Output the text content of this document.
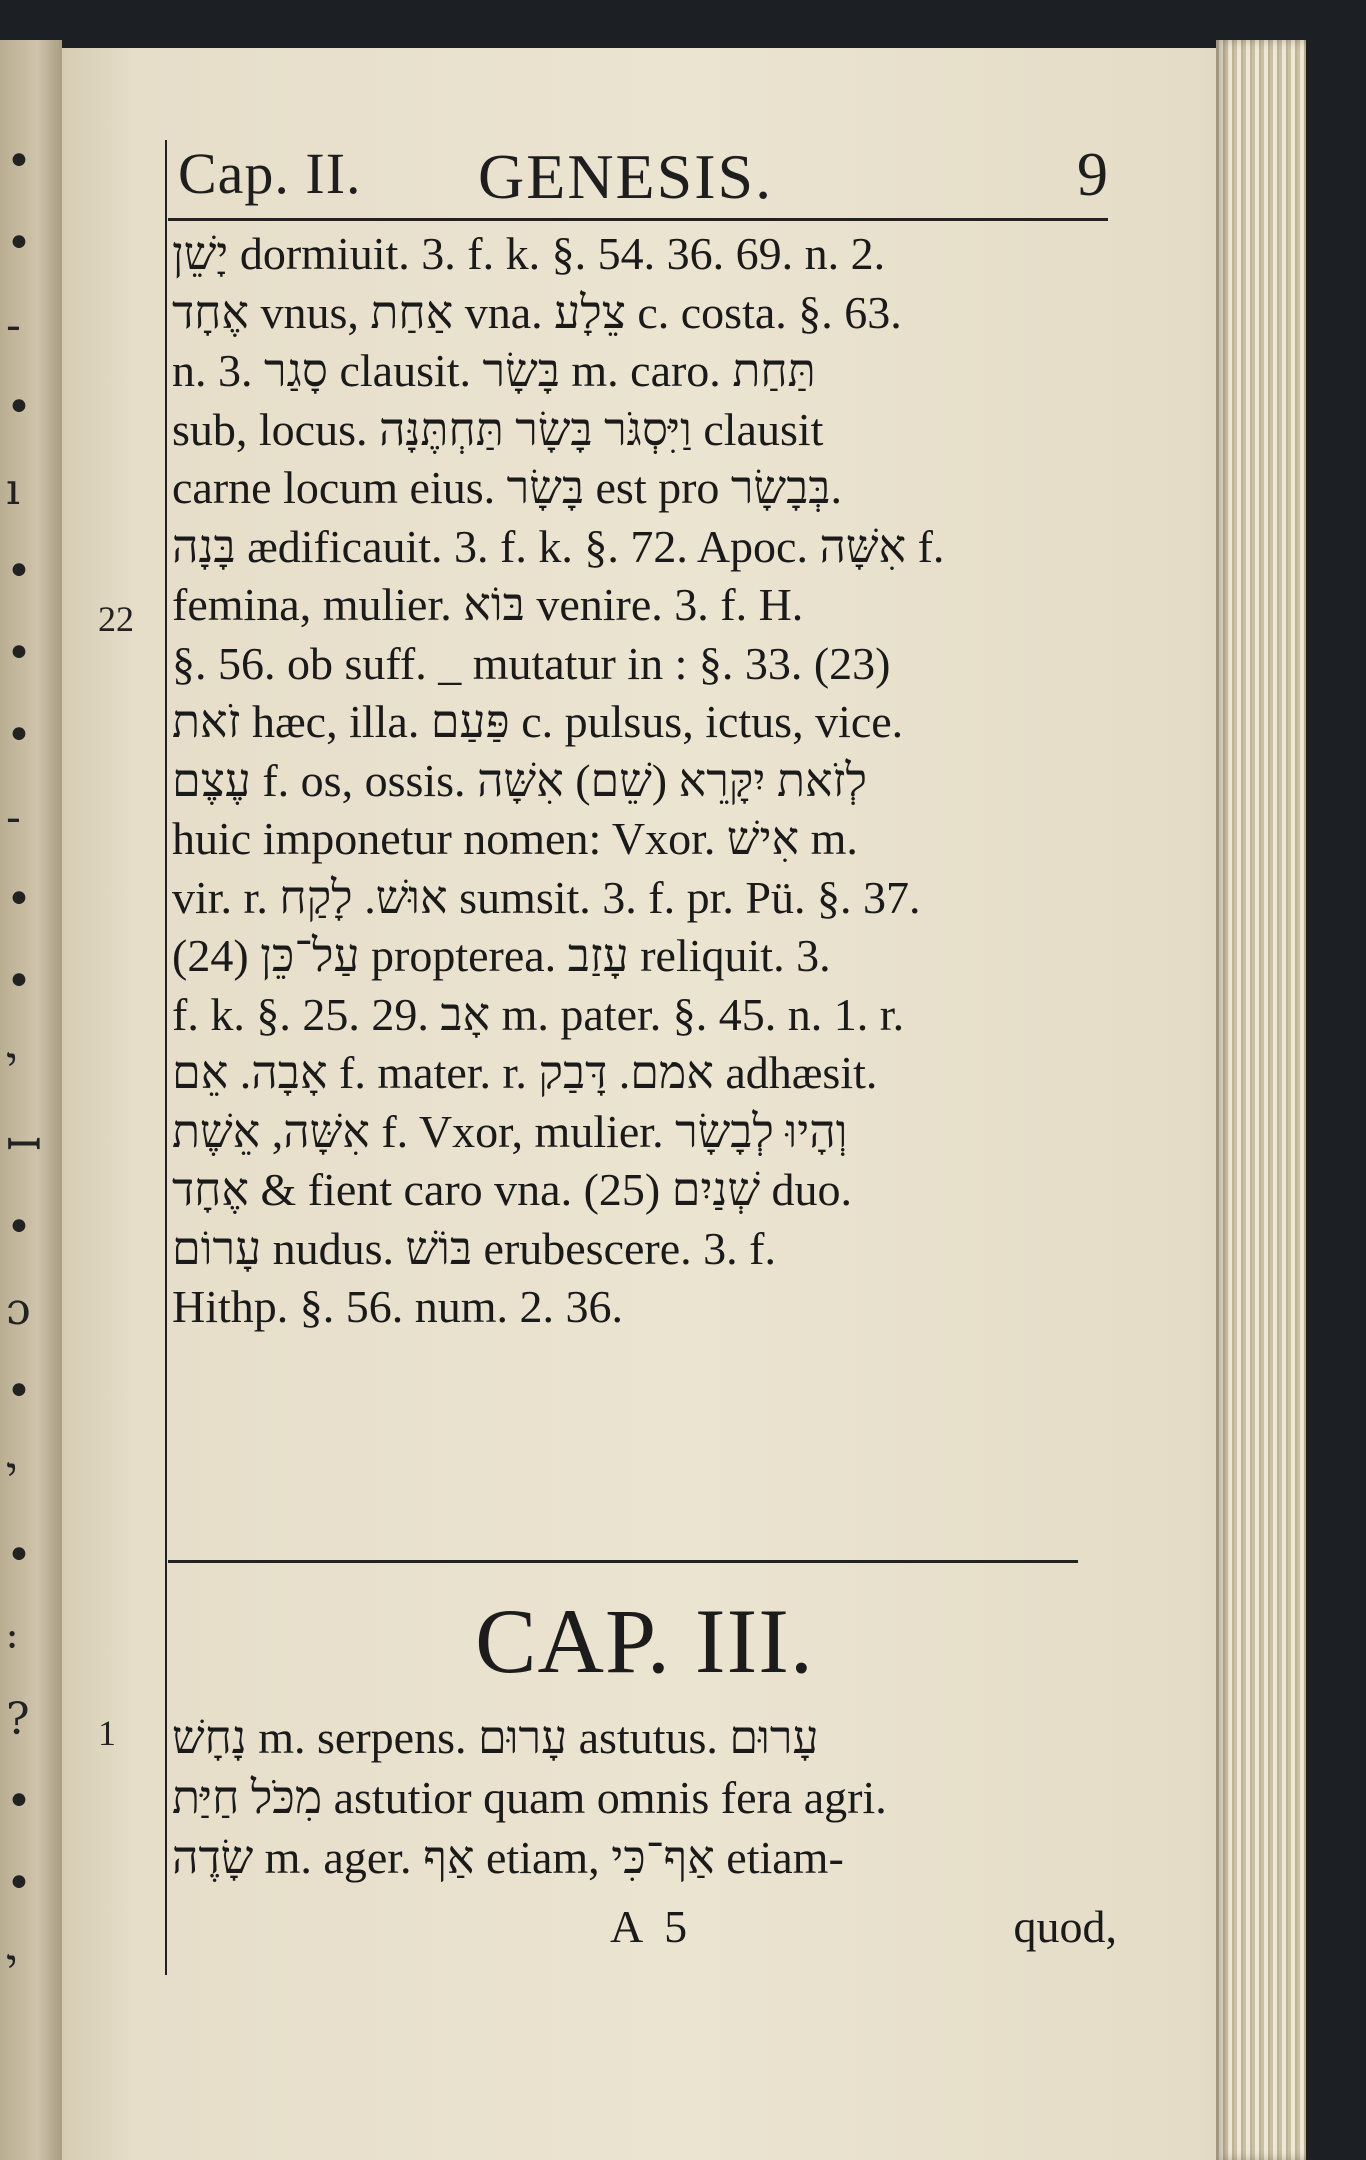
•
•
-
•
ı
•
•
•
-
•
•
י
ꟷ
•
ɔ
•
י
•
꞉
?
•
•
י
Cap. II. GENESIS.	9
22
יָשֵׁן dormiuit. 3. f. k. §. 54. 36. 69. n. 2.
אֶחָד vnus, אַחַת vna. צֵלָע c. costa. §. 63.
n. 3. סָגַר clausit. בָּשָׂר m. caro. תַּחַת
sub, locus. וַיִּסְגֹּר בָּשָׂר תַּחְתֶּנָּה clausit
carne locum eius. בָּשָׂר est pro בְּבָשָׂר.
בָּנָה ædificauit. 3. f. k. §. 72. Apoc. אִשָּׁה f.
femina, mulier. בּוֹא venire. 3. f. H.
§. 56. ob suff. _ mutatur in : §. 33. (23)
זֹאת hæc, illa. פַּעַם c. pulsus, ictus, vice.
עֶצֶם f. os, ossis. לְזֹאת יִקָּרֵא (שֵׁם) אִשָּׁה
huic imponetur nomen: Vxor. אִישׁ m.
vir. r. אוּשׁ. לָקַח sumsit. 3. f. pr. Pü. §. 37.
(24) עַל־כֵּן propterea. עָזַב reliquit. 3.
f. k. §. 25. 29. אָב m. pater. §. 45. n. 1. r.
אָבָה. אֵם f. mater. r. אמם. דָּבַק adhæsit.
אִשָּׁה, אֵשֶׁת f. Vxor, mulier. וְהָיוּ לְבָשָׂר
אֶחָד & fient caro vna. (25) שְׁנַיִם duo.
עָרוֹם nudus. בּוֹשׁ erubescere. 3. f.
Hithp. §. 56. num. 2. 36.
CAP. III.
1 נָחָשׁ m. serpens. עָרוּם astutus. עָרוּם
מִכֹּל חַיַּת astutior quam omnis fera agri.
שָׂדֶה m. ager. אַף etiam, אַף־כִּי etiam-
A 5	quod,
